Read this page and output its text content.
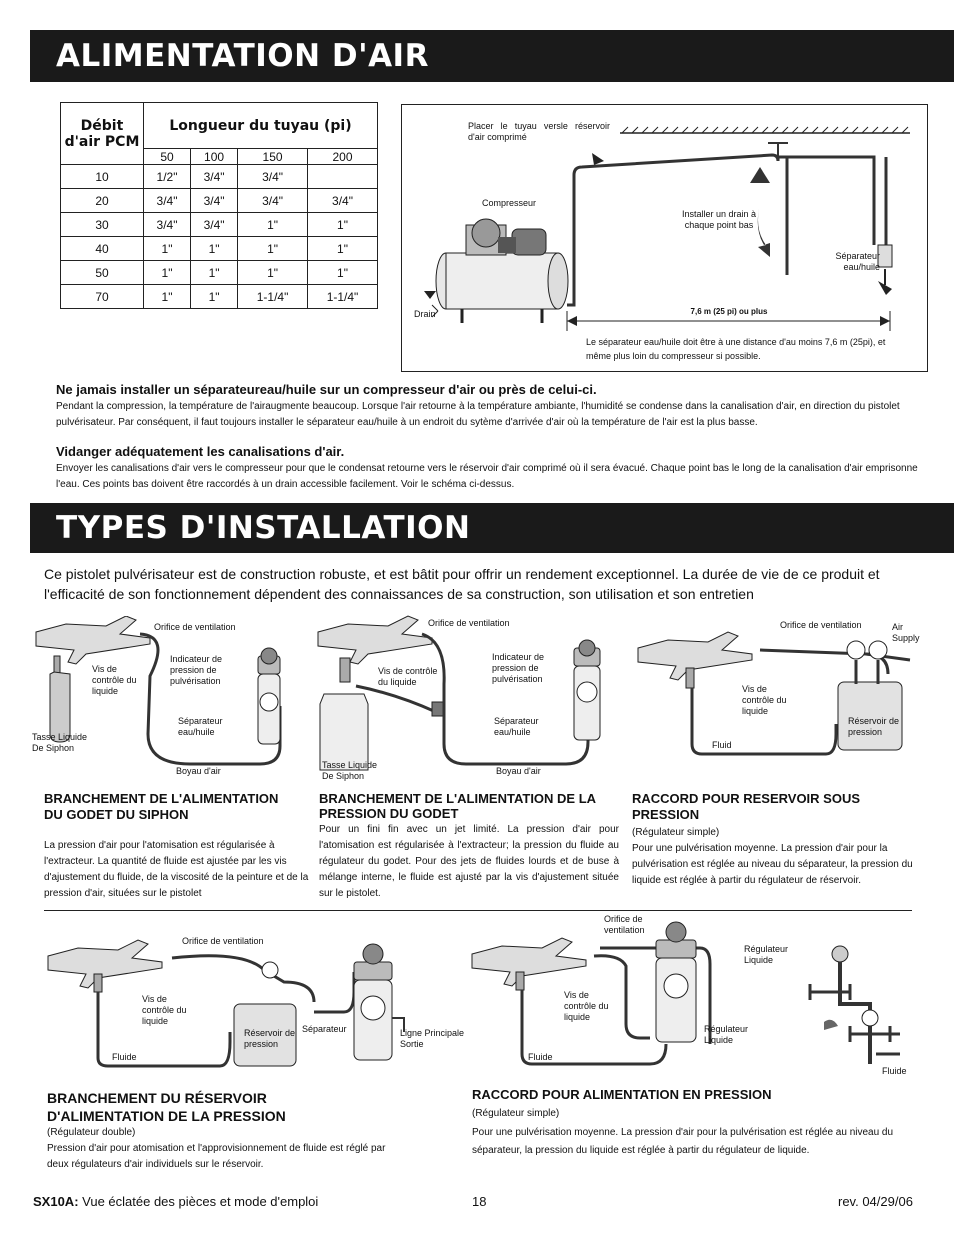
ALIMENTATION D'AIR
Débit d'air PCM	Longueur du tuyau (pi)			
	50	100	150	200
10	1/2"	3/4"	3/4"	
20	3/4"	3/4"	3/4"	3/4"
30	3/4"	3/4"	1"	1"
40	1"	1"	1"	1"
50	1"	1"	1"	1"
70	1"	1"	1-1/4"	1-1/4"
Placer le tuyau versle réservoir d'air comprimé
Compresseur
Installer un drain à chaque point bas
Séparateur eau/huile
Drain	7,6 m (25 pi) ou plus
Le séparateur eau/huile doit être à une distance d'au moins 7,6 m (25pi), et même plus loin du compresseur si possible.
Ne jamais installer un séparateureau/huile sur un compresseur d'air ou près de celui-ci.
Pendant la compression, la température de l'airaugmente beaucoup. Lorsque l'air retourne à la température ambiante, l'humidité se condense dans la canalisation d'air, en direction du pistolet pulvérisateur. Par conséquent, il faut toujours installer le séparateur eau/huile à un endroit du sytème d'arrivée d'air où la température de l'air est la plus basse.
Vidanger adéquatement les canalisations d'air.
Envoyer les canalisations d'air vers le compresseur pour que le condensat retourne vers le réservoir d'air comprimé où il sera évacué. Chaque point bas le long de la canalisation d'air emprisonne l'eau. Ces points bas doivent être raccordés à un drain accessible facilement. Voir le schéma ci-dessus.
TYPES D'INSTALLATION
Ce pistolet pulvérisateur est de construction robuste, et est bâtit pour offrir un rendement exceptionnel. La durée de vie de ce produit et l'efficacité de son fonctionnement dépendent des connaissances de sa construction, son utilisation et son entretien
Orifice de ventilation
Vis de contrôle du liquide
Indicateur de pression de pulvérisation
Séparateur eau/huile
Tasse Liquide De Siphon
Boyau d'air
Orifice de ventilation
Vis de contrôle du liquide
Indicateur de pression de pulvérisation
Séparateur eau/huile
Tasse Liquide De Siphon	Boyau d'air
Orifice de ventilation	Air Supply
Vis de contrôle du liquide
Réservoir de pression
Fluid
BRANCHEMENT DE L'ALIMENTATION DU GODET DU SIPHON
La pression d'air pour l'atomisation est régularisée à l'extracteur. La quantité de fluide est ajustée par les vis d'ajustement du fluide, de la viscosité de la peinture et de la pression d'air, situées sur le pistolet
BRANCHEMENT DE L'ALIMENTATION DE LA PRESSION DU GODET
Pour un fini fin avec un jet limité. La pression d'air pour l'atomisation est régularisée à l'extracteur; la pression du fluide au régulateur du godet. Pour des jets de fluides lourds et de buse à mélange interne, le fluide est ajusté par la vis d'ajustement située sur le pistolet.
RACCORD POUR RESERVOIR SOUS PRESSION
(Régulateur simple)
Pour une pulvérisation moyenne. La pression d'air pour la pulvérisation est réglée au niveau du séparateur, la pression du liquide est réglée à partir du régulateur de réservoir.
Orifice de ventilation
Vis de contrôle du liquide
Réservoir de pression
Séparateur	Ligne Principale Sortie
Fluide
Orifice de ventilation
Vis de contrôle du liquide
Régulateur Liquide
Régulateur Liquide
Fluide
Fluide
BRANCHEMENT DU RÉSERVOIR D'ALIMENTATION DE LA PRESSION
(Régulateur double)
Pression d'air pour atomisation et l'approvisionnement de fluide est réglé par deux régulateurs d'air individuels sur le réservoir.
RACCORD POUR ALIMENTATION EN PRESSION
(Régulateur simple)
Pour une pulvérisation moyenne. La pression d'air pour la pulvérisation est réglée au niveau du séparateur, la pression du liquide est réglée à partir du régulateur de liquide.
SX10A: Vue éclatée des pièces et mode d'emploi	18	rev. 04/29/06
